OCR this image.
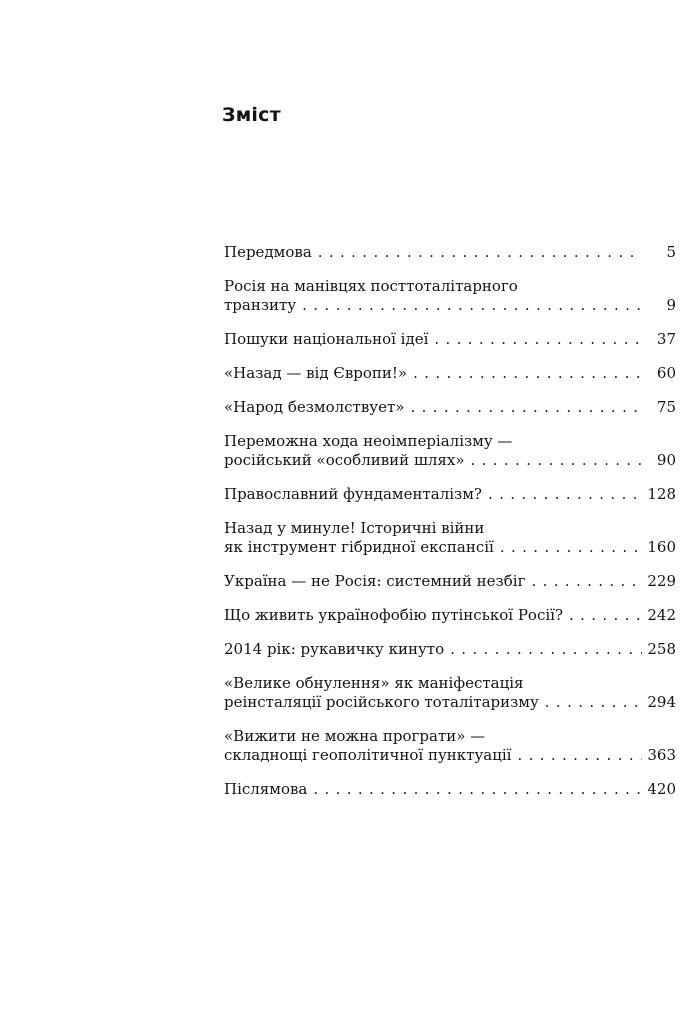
Зміст
Передмова . . .	5
Росія на манівцях посттоталітарного
транзиту . . .	9
Пошуки національної ідеї . . .	37
«Назад — від Європи!» . . .	60
«Народ безмолствует» . . .	75
Переможна хода неоімперіалізму —
російський «особливий шлях» . . .	90
Православний фундаменталізм? . . .	128
Назад у минуле! Історичні війни
як інструмент гібридної експансії . . .	160
Україна — не Росія: системний незбіг . . .	229
Що живить українофобію путінської Росії? . . .	242
2014 рік: рукавичку кинуто . . .	258
«Велике обнулення» як маніфестація
реінсталяції російського тоталітаризму . . .	294
«Вижити не можна програти» —
складнощі геополітичної пунктуації . . .	363
Післямова . . .	420
